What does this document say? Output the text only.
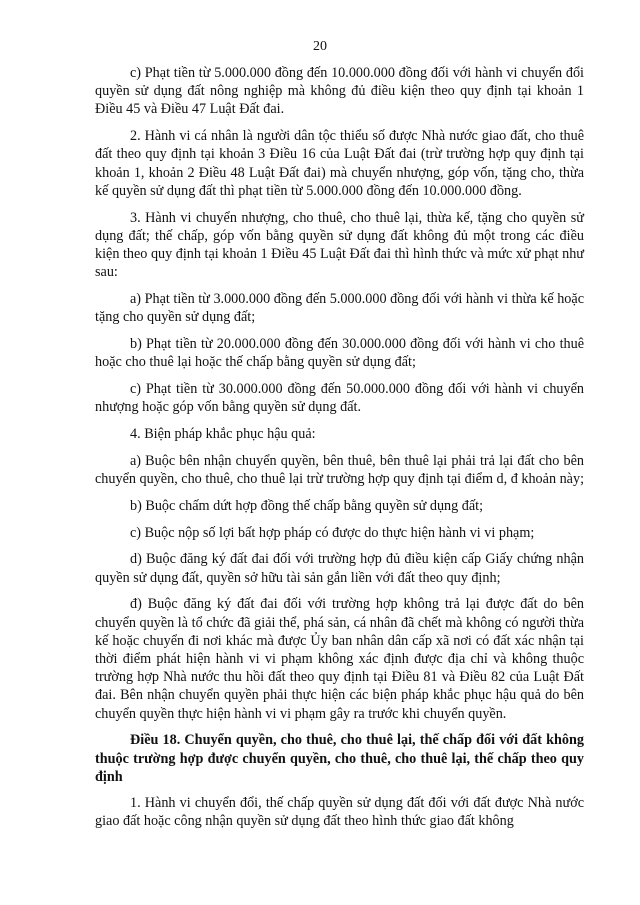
20

c) Phạt tiền từ 5.000.000 đồng đến 10.000.000 đồng đối với hành vi chuyển đổi quyền sử dụng đất nông nghiệp mà không đủ điều kiện theo quy định tại khoản 1 Điều 45 và Điều 47 Luật Đất đai.

2. Hành vi cá nhân là người dân tộc thiểu số được Nhà nước giao đất, cho thuê đất theo quy định tại khoản 3 Điều 16 của Luật Đất đai (trừ trường hợp quy định tại khoản 1, khoản 2 Điều 48 Luật Đất đai) mà chuyển nhượng, góp vốn, tặng cho, thừa kế quyền sử dụng đất thì phạt tiền từ 5.000.000 đồng đến 10.000.000 đồng.

3. Hành vi chuyển nhượng, cho thuê, cho thuê lại, thừa kế, tặng cho quyền sử dụng đất; thế chấp, góp vốn bằng quyền sử dụng đất không đủ một trong các điều kiện theo quy định tại khoản 1 Điều 45 Luật Đất đai thì hình thức và mức xử phạt như sau:

a) Phạt tiền từ 3.000.000 đồng đến 5.000.000 đồng đối với hành vi thừa kế hoặc tặng cho quyền sử dụng đất;

b) Phạt tiền từ 20.000.000 đồng đến 30.000.000 đồng đối với hành vi cho thuê hoặc cho thuê lại hoặc thế chấp bằng quyền sử dụng đất;

c) Phạt tiền từ 30.000.000 đồng đến 50.000.000 đồng đối với hành vi chuyển nhượng hoặc góp vốn bằng quyền sử dụng đất.

4. Biện pháp khắc phục hậu quả:

a) Buộc bên nhận chuyển quyền, bên thuê, bên thuê lại phải trả lại đất cho bên chuyển quyền, cho thuê, cho thuê lại trừ trường hợp quy định tại điểm d, đ khoản này;

b) Buộc chấm dứt hợp đồng thế chấp bằng quyền sử dụng đất;

c) Buộc nộp số lợi bất hợp pháp có được do thực hiện hành vi vi phạm;

d) Buộc đăng ký đất đai đối với trường hợp đủ điều kiện cấp Giấy chứng nhận quyền sử dụng đất, quyền sở hữu tài sản gắn liền với đất theo quy định;

đ) Buộc đăng ký đất đai đối với trường hợp không trả lại được đất do bên chuyển quyền là tổ chức đã giải thể, phá sản, cá nhân đã chết mà không có người thừa kế hoặc chuyển đi nơi khác mà được Ủy ban nhân dân cấp xã nơi có đất xác nhận tại thời điểm phát hiện hành vi vi phạm không xác định được địa chỉ và không thuộc trường hợp Nhà nước thu hồi đất theo quy định tại Điều 81 và Điều 82 của Luật Đất đai. Bên nhận chuyển quyền phải thực hiện các biện pháp khắc phục hậu quả do bên chuyển quyền thực hiện hành vi vi phạm gây ra trước khi chuyển quyền.

Điều 18. Chuyển quyền, cho thuê, cho thuê lại, thế chấp đối với đất không thuộc trường hợp được chuyển quyền, cho thuê, cho thuê lại, thế chấp theo quy định

1. Hành vi chuyển đổi, thế chấp quyền sử dụng đất đối với đất được Nhà nước giao đất hoặc công nhận quyền sử dụng đất theo hình thức giao đất không
